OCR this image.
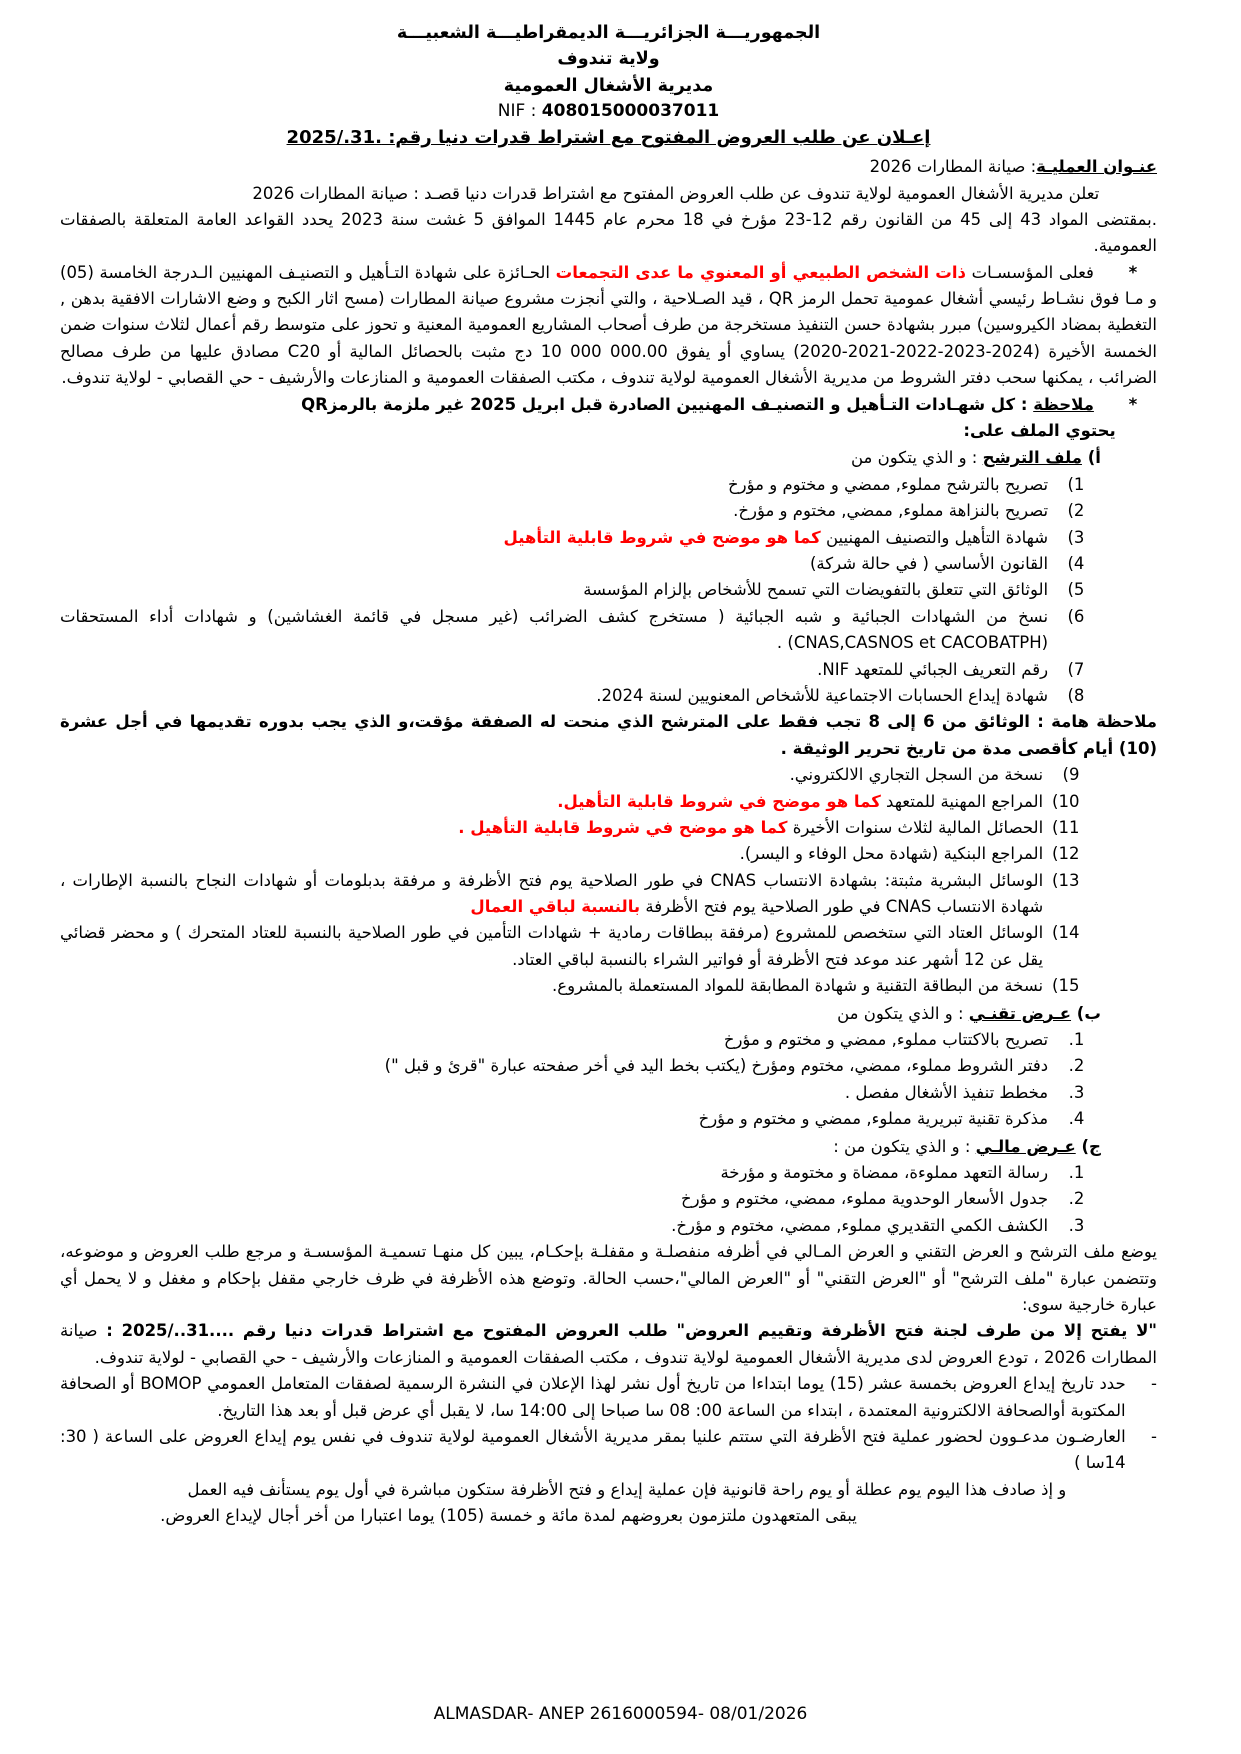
الجمهوريـــة الجزائريـــة الديمقراطيـــة الشعبيـــة
ولاية تندوف
مديرية الأشغال العمومية
NIF : 408015000037011
إعـلان عن طلب العروض المفتوح مع اشتراط قدرات دنيا رقم: 2025/.31.

عنـوان العمليـة: صيانة المطارات 2026

تعلن مديرية الأشغال العمومية لولاية تندوف عن طلب العروض المفتوح مع اشتراط قدرات دنيا قصـد : صيانة المطارات 2026

.بمقتضى المواد 43 إلى 45 من القانون رقم ‎23-12‎ مؤرخ في 18 محرم عام 1445 الموافق 5 غشت سنة 2023 يحدد القواعد العامة المتعلقة بالصفقات العمومية.

*فعلى المؤسسـات ذات الشخص الطبيعي أو المعنوي ما عدى التجمعات الحـائزة على شهادة التـأهيل و التصنيـف المهنيين الـدرجة الخامسة (05) و مـا فوق نشـاط رئيسي أشغال عمومية تحمل الرمز QR ، قيد الصـلاحية ، والتي أنجزت مشروع صيانة المطارات (مسح اثار الكبح و وضع الاشارات الافقية بدهن , التغطية بمضاد الكيروسين) مبرر بشهادة حسن التنفيذ مستخرجة من طرف أصحاب المشاريع العمومية المعنية و تحوز على متوسط رقم أعمال لثلاث سنوات ضمن الخمسة الأخيرة (‎2020-2021-2022-2023-2024‎) يساوي أو يفوق 10 000 000.00 دج مثبت بالحصائل المالية أو C20 مصادق عليها من طرف مصالح الضرائب ، يمكنها سحب دفتر الشروط من مديرية الأشغال العمومية لولاية تندوف ، مكتب الصفقات العمومية و المنازعات والأرشيف - حي القصابي - لولاية تندوف.

*ملاحظة : كل شهـادات التـأهيل و التصنيـف المهنيين الصادرة قبل ابريل 2025 غير ملزمة بالرمزQR

يحتوي الملف على:

أ) ملف الترشح : و الذي يتكون من

1)
تصريح بالترشح مملوء, ممضي و مختوم و مؤرخ
2)
تصريح بالنزاهة مملوء, ممضي, مختوم و مؤرخ.
3)
شهادة التأهيل والتصنيف المهنيين كما هو موضح في شروط قابلية التأهيل
4)
القانون الأساسي ( في حالة شركة)
5)
الوثائق التي تتعلق بالتفويضات التي تسمح للأشخاص بإلزام المؤسسة
6)
نسخ من الشهادات الجبائية و شبه الجبائية ( مستخرج كشف الضرائب (غير مسجل في قائمة الغشاشين) و شهادات أداء المستحقات (CNAS,CASNOS et CACOBATPH) .
7)
رقم التعريف الجبائي للمتعهد NIF.
8)
شهادة إيداع الحسابات الاجتماعية للأشخاص المعنويين لسنة 2024.

ملاحظة هامة : الوثائق من 6 إلى 8 تجب فقط على المترشح الذي منحت له الصفقة مؤقت،و الذي يجب بدوره تقديمها في أجل عشرة (10) أيام كأقصى مدة من تاريخ تحرير الوثيقة .

9)
نسخة من السجل التجاري الالكتروني.
10)
المراجع المهنية للمتعهد كما هو موضح في شروط قابلية التأهيل.
11)
الحصائل المالية لثلاث سنوات الأخيرة كما هو موضح في شروط قابلية التأهيل .
12)
المراجع البنكية (شهادة محل الوفاء و اليسر).
13)
الوسائل البشرية مثبتة: بشهادة الانتساب CNAS في طور الصلاحية يوم فتح الأظرفة و مرفقة بدبلومات أو شهادات النجاح بالنسبة الإطارات ، شهادة الانتساب CNAS في طور الصلاحية يوم فتح الأظرفة بالنسبة لباقي العمال
14)
الوسائل العتاد التي ستخصص للمشروع (مرفقة ببطاقات رمادية + شهادات التأمين في طور الصلاحية بالنسبة للعتاد المتحرك ) و محضر قضائي يقل عن 12 أشهر عند موعد فتح الأظرفة أو فواتير الشراء بالنسبة لباقي العتاد.
15)
نسخة من البطاقة التقنية و شهادة المطابقة للمواد المستعملة بالمشروع.

ب) عـرض تقنـي : و الذي يتكون من

1.
تصريح بالاكتتاب مملوء, ممضي و مختوم و مؤرخ
2.
دفتر الشروط مملوء، ممضي، مختوم ومؤرخ (يكتب بخط اليد في أخر صفحته عبارة "قرئ و قبل ")
3.
مخطط تنفيذ الأشغال مفصل .
4.
مذكرة تقنية تبريرية مملوء, ممضي و مختوم و مؤرخ

ج) عـرض مالـي : و الذي يتكون من :

1.
رسالة التعهد مملوءة، ممضاة و مختومة و مؤرخة
2.
جدول الأسعار الوحدوية مملوء، ممضي، مختوم و مؤرخ
3.
الكشف الكمي التقديري مملوء, ممضي، مختوم و مؤرخ.

يوضع ملف الترشح و العرض التقني و العرض المـالي في أظرفه منفصلـة و مقفلـة بإحكـام، يبين كل منهـا تسميـة المؤسسـة و مرجع طلب العروض و موضوعه، وتتضمن عبارة "ملف الترشح" أو "العرض التقني" أو "العرض المالي"،حسب الحالة. وتوضع هذه الأظرفة في ظرف خارجي مقفل بإحكام و مغفل و لا يحمل أي عبارة خارجية سوى:

"لا يفتح إلا من طرف لجنة فتح الأظرفة وتقييم العروض" طلب العروض المفتوح مع اشتراط قدرات دنيا رقم 2025/..31.... : صيانة المطارات 2026 ، تودع العروض لدى مديرية الأشغال العمومية لولاية تندوف ، مكتب الصفقات العمومية و المنازعات والأرشيف - حي القصابي - لولاية تندوف.

-
حدد تاريخ إيداع العروض بخمسة عشر (15) يوما ابتداءا من تاريخ أول نشر لهذا الإعلان في النشرة الرسمية لصفقات المتعامل العمومي BOMOP أو الصحافة المكتوبة أوالصحافة الالكترونية المعتمدة ، ابتداء من الساعة 00: 08 سا صباحا إلى 14:00 سا، لا يقبل أي عرض قبل أو بعد هذا التاريخ.
-
العارضـون مدعـوون لحضور عملية فتح الأظرفة التي ستتم علنيا بمقر مديرية الأشغال العمومية لولاية تندوف في نفس يوم إيداع العروض على الساعة ( 30: 14سا )

و إذ صادف هذا اليوم يوم عطلة أو يوم راحة قانونية فإن عملية إيداع و فتح الأظرفة ستكون مباشرة في أول يوم يستأنف فيه العمل

يبقى المتعهدون ملتزمون بعروضهم لمدة مائة و خمسة (105) يوما اعتبارا من أخر أجال لإيداع العروض.

ALMASDAR- ANEP 2616000594- 08/01/2026
